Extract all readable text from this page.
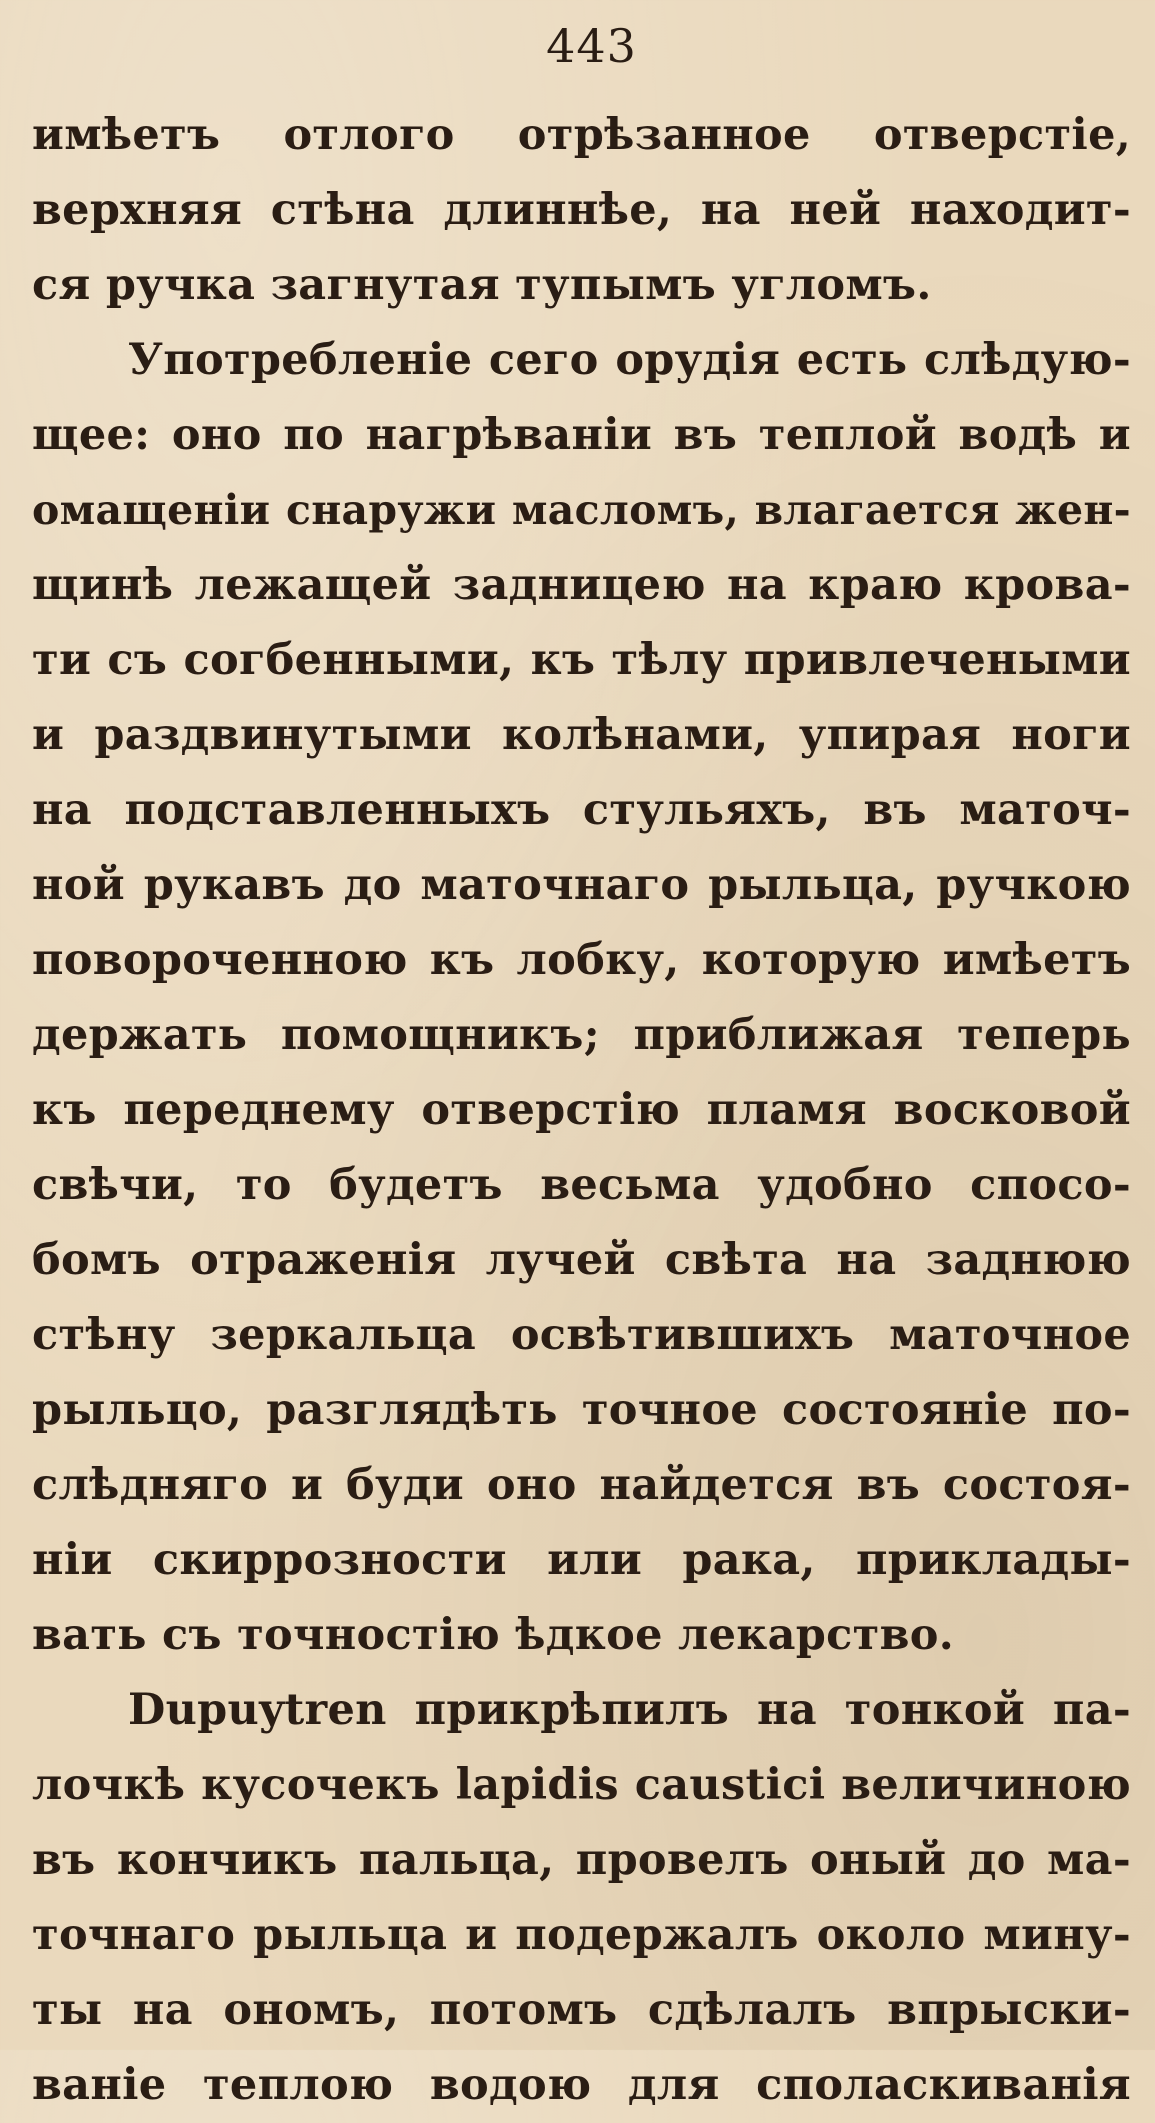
443
имѣетъ отлого отрѣзанное отверстіе,
верхняя стѣна длиннѣе, на ней находит-
ся ручка загнутая тупымъ угломъ.
Употребленіе сего орудія есть слѣдую-
щее: оно по нагрѣваніи въ теплой водѣ и
омащеніи снаружи масломъ, влагается жен-
щинѣ лежащей задницею на краю крова-
ти съ согбенными, къ тѣлу привлечеными
и раздвинутыми колѣнами, упирая ноги
на подставленныхъ стульяхъ, въ маточ-
ной рукавъ до маточнаго рыльца, ручкою
повороченною къ лобку, которую имѣетъ
держать помощникъ; приближая теперь
къ переднему отверстію пламя восковой
свѣчи, то будетъ весьма удобно спосо-
бомъ отраженія лучей свѣта на заднюю
стѣну зеркальца освѣтившихъ маточное
рыльцо, разглядѣть точное состояніе по-
слѣдняго и буди оно найдется въ состоя-
ніи скиррозности или рака, приклады-
вать съ точностію ѣдкое лекарство.
Dupuytren прикрѣпилъ на тонкой па-
лочкѣ кусочекъ lapidis caustici величиною
въ кончикъ пальца, провелъ оный до ма-
точнаго рыльца и подержалъ около мину-
ты на ономъ, потомъ сдѣлалъ впрыски-
ваніе теплою водою для споласкиванія
